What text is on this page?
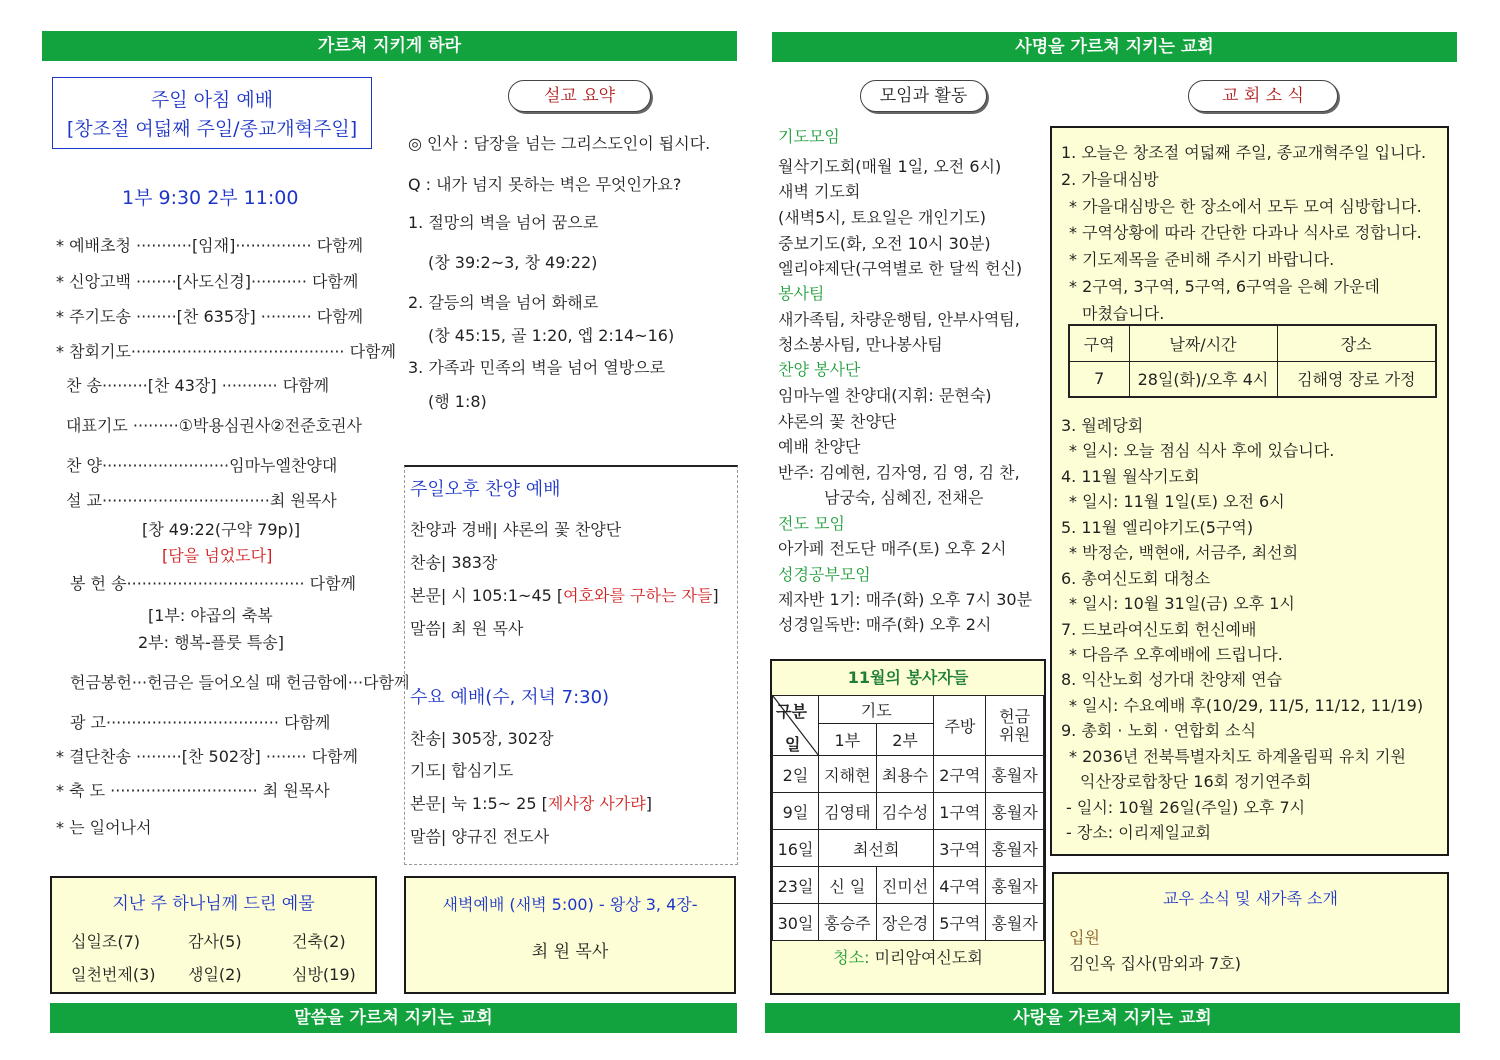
가르쳐 지키게 하라	사명을 가르쳐 지키는 교회
말씀을 가르쳐 지키는 교회	사랑을 가르쳐 지키는 교회
주일 아침 예배
[창조절 여덟째 주일/종교개혁주일]
1부 9:30 2부 11:00
* 예배초청 ···········[임재]··············· 다함께
* 신앙고백 ········[사도신경]··········· 다함께
* 주기도송 ········[찬 635장] ·········· 다함께
* 참회기도·········································· 다함께
찬 송·········[찬 43장] ··········· 다함께
대표기도 ·········①박용심권사②전준호권사
찬 양·························임마누엘찬양대
설 교·································최 원목사
[창 49:22(구약 79p)]
[담을 넘었도다]
봉 헌 송··································· 다함께
[1부: 야곱의 축복
2부: 행복-플룻 특송]
헌금봉헌···헌금은 들어오실 때 헌금함에···다함께
광 고·································· 다함께
* 결단찬송 ·········[찬 502장] ········ 다함께
* 축 도 ····························· 최 원목사
* 는 일어나서
지난 주 하나님께 드린 예물
십일조(7)	감사(5)	건축(2)
일천번제(3) 생일(2)	심방(19)
설교 요약
◎ 인사 : 담장을 넘는 그리스도인이 됩시다.
Q : 내가 넘지 못하는 벽은 무엇인가요?
1. 절망의 벽을 넘어 꿈으로
(창 39:2~3, 창 49:22)
2. 갈등의 벽을 넘어 화해로
(창 45:15, 골 1:20, 엡 2:14~16)
3. 가족과 민족의 벽을 넘어 열방으로
(행 1:8)
주일오후 찬양 예배
찬양과 경배| 샤론의 꽃 찬양단
찬송| 383장
본문| 시 105:1~45 [여호와를 구하는 자들]
말씀| 최 원 목사
수요 예배(수, 저녁 7:30)
찬송| 305장, 302장
기도| 합심기도
본문| 눅 1:5~ 25 [제사장 사가랴]
말씀| 양규진 전도사
새벽예배 (새벽 5:00) - 왕상 3, 4장-
최 원 목사
모임과 활동
기도모임
월삭기도회(매월 1일, 오전 6시)
새벽 기도회
(새벽5시, 토요일은 개인기도)
중보기도(화, 오전 10시 30분)
엘리야제단(구역별로 한 달씩 헌신)
봉사팀
새가족팀, 차량운행팀, 안부사역팀,
청소봉사팀, 만나봉사팀
찬양 봉사단
임마누엘 찬양대(지휘: 문현숙)
샤론의 꽃 찬양단
예배 찬양단
반주: 김예현, 김자영, 김 영, 김 찬,
남궁숙, 심혜진, 전채은
전도 모임
아가페 전도단 매주(토) 오후 2시
성경공부모임
제자반 1기: 매주(화) 오후 7시 30분
성경일독반: 매주(화) 오후 2시
11월의 봉사자들
구분
일	기도		주방	헌금
위원
	1부	2부		
2일	지해현	최용수	2구역	홍월자
9일	김영태	김수성	1구역	홍월자
16일	최선희		3구역	홍월자
23일	신 일	진미선	4구역	홍월자
30일	홍승주	장은경	5구역	홍월자
청소: 미리암여신도회
교 회 소 식
1. 오늘은 창조절 여덟째 주일, 종교개혁주일 입니다.
2. 가을대심방
* 가을대심방은 한 장소에서 모두 모여 심방합니다.
* 구역상황에 따라 간단한 다과나 식사로 정합니다.
* 기도제목을 준비해 주시기 바랍니다.
* 2구역, 3구역, 5구역, 6구역을 은혜 가운데
마쳤습니다.
구역	날짜/시간	장소
7	28일(화)/오후 4시	김해영 장로 가정
3. 월례당회
* 일시: 오늘 점심 식사 후에 있습니다.
4. 11월 월삭기도회
* 일시: 11월 1일(토) 오전 6시
5. 11월 엘리야기도(5구역)
* 박정순, 백현애, 서금주, 최선희
6. 총여신도회 대청소
* 일시: 10월 31일(금) 오후 1시
7. 드보라여신도회 헌신예배
* 다음주 오후예배에 드립니다.
8. 익산노회 성가대 찬양제 연습
* 일시: 수요예배 후(10/29, 11/5, 11/12, 11/19)
9. 총회 · 노회 · 연합회 소식
* 2036년 전북특별자치도 하계올림픽 유치 기원
익산장로합창단 16회 정기연주회
- 일시: 10월 26일(주일) 오후 7시
- 장소: 이리제일교회
교우 소식 및 새가족 소개
입원
김인옥 집사(맘외과 7호)
